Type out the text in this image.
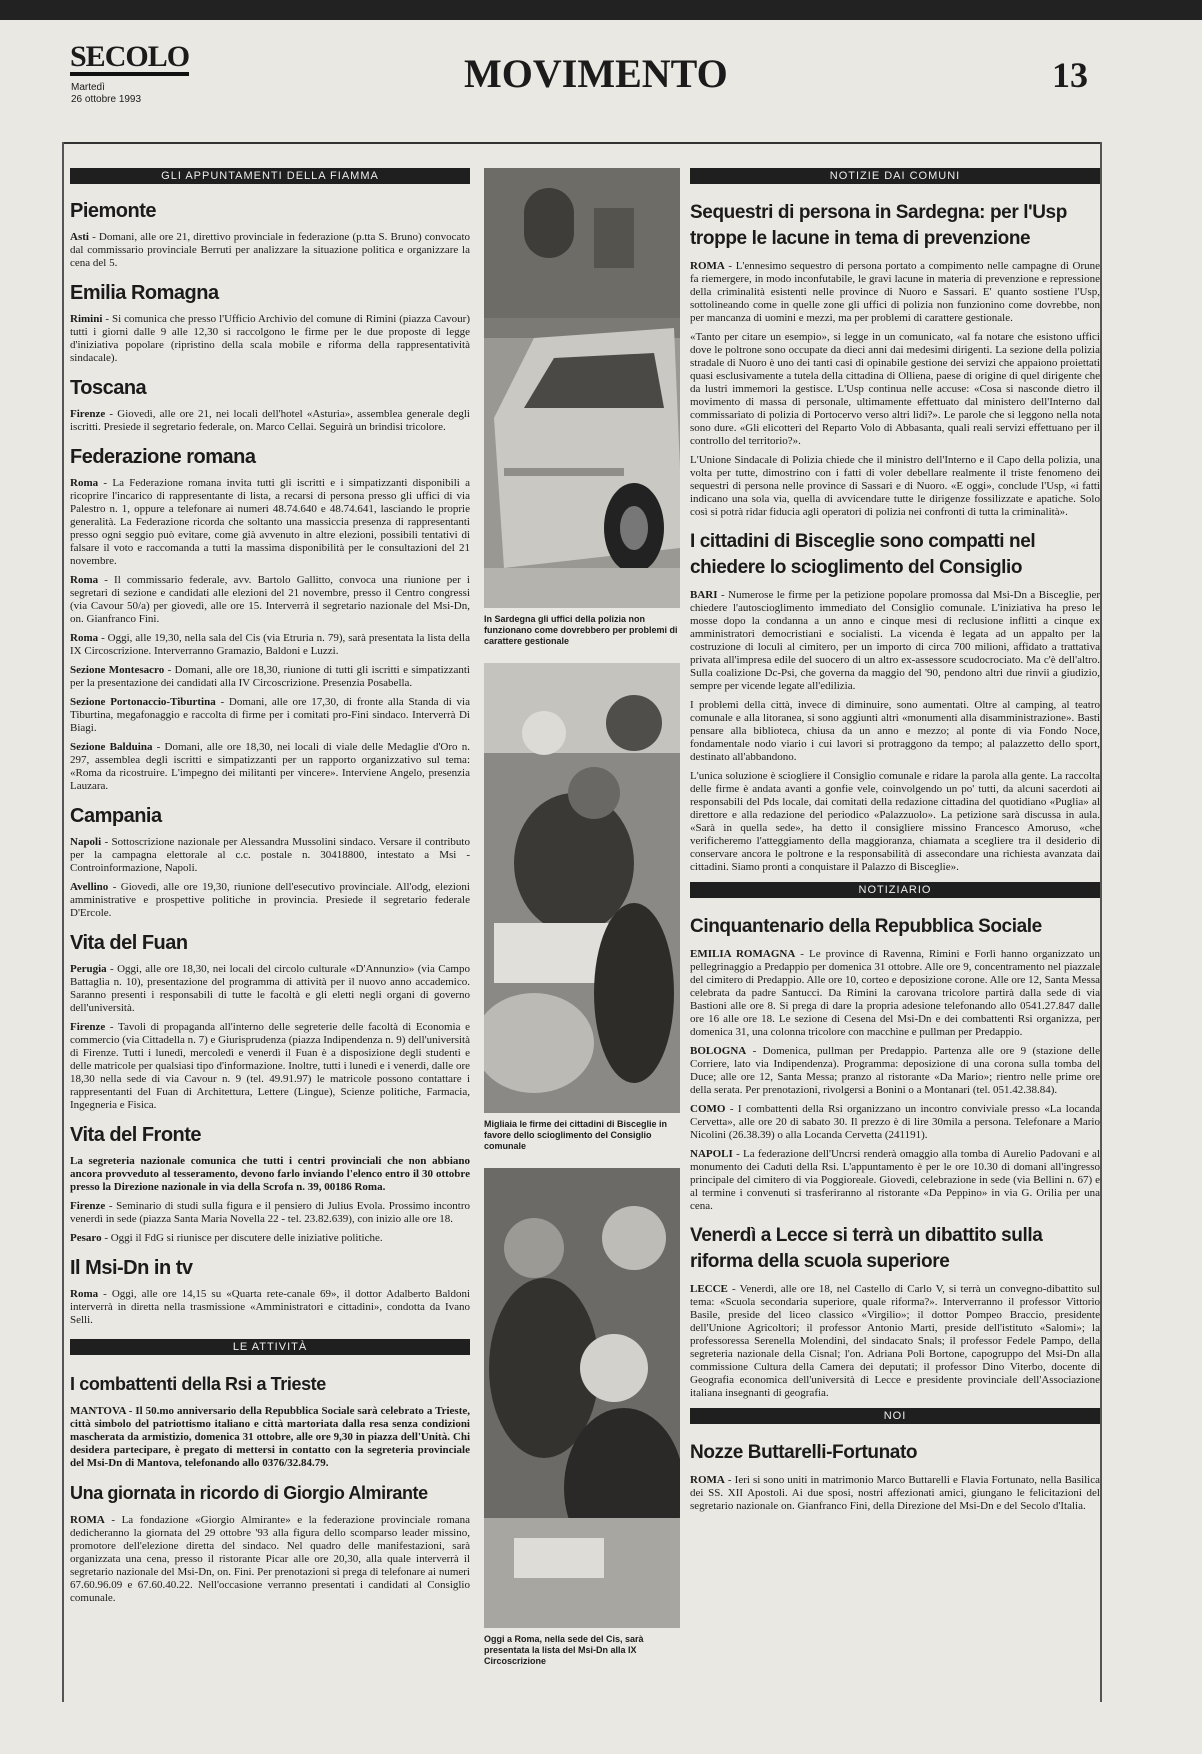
SECOLO
Martedì
26 ottobre 1993
MOVIMENTO	13
GLI APPUNTAMENTI DELLA FIAMMA
Piemonte

Asti - Domani, alle ore 21, direttivo provinciale in federazione (p.tta S. Bruno) convocato dal commissario provinciale Berruti per analizzare la situazione politica e organizzare la cena del 5.

Emilia Romagna

Rimini - Si comunica che presso l'Ufficio Archivio del comune di Rimini (piazza Cavour) tutti i giorni dalle 9 alle 12,30 si raccolgono le firme per le due proposte di legge d'iniziativa popolare (ripristino della scala mobile e riforma della rappresentatività sindacale).

Toscana

Firenze - Giovedì, alle ore 21, nei locali dell'hotel «Asturia», assemblea generale degli iscritti. Presiede il segretario federale, on. Marco Cellai. Seguirà un brindisi tricolore.

Federazione romana

Roma - La Federazione romana invita tutti gli iscritti e i simpatizzanti disponibili a ricoprire l'incarico di rappresentante di lista, a recarsi di persona presso gli uffici di via Palestro n. 1, oppure a telefonare ai numeri 48.74.640 e 48.74.641, lasciando le proprie generalità. La Federazione ricorda che soltanto una massiccia presenza di rappresentanti presso ogni seggio può evitare, come già avvenuto in altre elezioni, possibili tentativi di falsare il voto e raccomanda a tutti la massima disponibilità per le consultazioni del 21 novembre.

Roma - Il commissario federale, avv. Bartolo Gallitto, convoca una riunione per i segretari di sezione e candidati alle elezioni del 21 novembre, presso il Centro congressi (via Cavour 50/a) per giovedì, alle ore 15. Interverrà il segretario nazionale del Msi-Dn, on. Gianfranco Fini.

Roma - Oggi, alle 19,30, nella sala del Cis (via Etruria n. 79), sarà presentata la lista della IX Circoscrizione. Interverranno Gramazio, Baldoni e Luzzi.

Sezione Montesacro - Domani, alle ore 18,30, riunione di tutti gli iscritti e simpatizzanti per la presentazione dei candidati alla IV Circoscrizione. Presenzia Posabella.

Sezione Portonaccio-Tiburtina - Domani, alle ore 17,30, di fronte alla Standa di via Tiburtina, megafonaggio e raccolta di firme per i comitati pro-Fini sindaco. Interverrà Di Biagi.

Sezione Balduina - Domani, alle ore 18,30, nei locali di viale delle Medaglie d'Oro n. 297, assemblea degli iscritti e simpatizzanti per un rapporto organizzativo sul tema: «Roma da ricostruire. L'impegno dei militanti per vincere». Interviene Angelo, presenzia Lauzara.

Campania

Napoli - Sottoscrizione nazionale per Alessandra Mussolini sindaco. Versare il contributo per la campagna elettorale al c.c. postale n. 30418800, intestato a Msi - Controinformazione, Napoli.

Avellino - Giovedì, alle ore 19,30, riunione dell'esecutivo provinciale. All'odg, elezioni amministrative e prospettive politiche in provincia. Presiede il segretario federale D'Ercole.

Vita del Fuan

Perugia - Oggi, alle ore 18,30, nei locali del circolo culturale «D'Annunzio» (via Campo Battaglia n. 10), presentazione del programma di attività per il nuovo anno accademico. Saranno presenti i responsabili di tutte le facoltà e gli eletti negli organi di governo dell'università.

Firenze - Tavoli di propaganda all'interno delle segreterie delle facoltà di Economia e commercio (via Cittadella n. 7) e Giurisprudenza (piazza Indipendenza n. 9) dell'università di Firenze. Tutti i lunedì, mercoledì e venerdì il Fuan è a disposizione degli studenti e delle matricole per qualsiasi tipo d'informazione. Inoltre, tutti i lunedì e i venerdì, dalle ore 18,30 nella sede di via Cavour n. 9 (tel. 49.91.97) le matricole possono contattare i rappresentanti del Fuan di Architettura, Lettere (Lingue), Scienze politiche, Farmacia, Ingegneria e Fisica.

Vita del Fronte

La segreteria nazionale comunica che tutti i centri provinciali che non abbiano ancora provveduto al tesseramento, devono farlo inviando l'elenco entro il 30 ottobre presso la Direzione nazionale in via della Scrofa n. 39, 00186 Roma.

Firenze - Seminario di studi sulla figura e il pensiero di Julius Evola. Prossimo incontro venerdì in sede (piazza Santa Maria Novella 22 - tel. 23.82.639), con inizio alle ore 18.

Pesaro - Oggi il FdG si riunisce per discutere delle iniziative politiche.

Il Msi-Dn in tv

Roma - Oggi, alle ore 14,15 su «Quarta rete-canale 69», il dottor Adalberto Baldoni interverrà in diretta nella trasmissione «Amministratori e cittadini», condotta da Ivano Selli.

LE ATTIVITÀ
I combattenti della Rsi a Trieste

MANTOVA - Il 50.mo anniversario della Repubblica Sociale sarà celebrato a Trieste, città simbolo del patriottismo italiano e città martoriata dalla resa senza condizioni mascherata da armistizio, domenica 31 ottobre, alle ore 9,30 in piazza dell'Unità. Chi desidera partecipare, è pregato di mettersi in contatto con la segreteria provinciale del Msi-Dn di Mantova, telefonando allo 0376/32.84.79.

Una giornata in ricordo di Giorgio Almirante

ROMA - La fondazione «Giorgio Almirante» e la federazione provinciale romana dedicheranno la giornata del 29 ottobre '93 alla figura dello scomparso leader missino, promotore dell'elezione diretta del sindaco. Nel quadro delle manifestazioni, sarà organizzata una cena, presso il ristorante Picar alle ore 20,30, alla quale interverrà il segretario nazionale del Msi-Dn, on. Fini. Per prenotazioni si prega di telefonare ai numeri 67.60.96.09 e 67.60.40.22. Nell'occasione verranno presentati i candidati al Consiglio comunale.

In Sardegna gli uffici della polizia non funzionano come dovrebbero per problemi di carattere gestionale
Migliaia le firme dei cittadini di Bisceglie in favore dello scioglimento del Consiglio comunale
Oggi a Roma, nella sede del Cis, sarà presentata la lista del Msi-Dn alla IX Circoscrizione
NOTIZIE DAI COMUNI
Sequestri di persona in Sardegna: per l'Usp troppe le lacune in tema di prevenzione

ROMA - L'ennesimo sequestro di persona portato a compimento nelle campagne di Orune fa riemergere, in modo inconfutabile, le gravi lacune in materia di prevenzione e repressione della criminalità esistenti nelle province di Nuoro e Sassari. E' quanto sostiene l'Usp, sottolineando come in quelle zone gli uffici di polizia non funzionino come dovrebbe, non per mancanza di uomini e mezzi, ma per problemi di carattere gestionale.

«Tanto per citare un esempio», si legge in un comunicato, «al fa notare che esistono uffici dove le poltrone sono occupate da dieci anni dai medesimi dirigenti. La sezione della polizia stradale di Nuoro è uno dei tanti casi di opinabile gestione dei servizi che appaiono proiettati quasi esclusivamente a tutela della cittadina di Olliena, paese di origine di quel dirigente che da lustri immemori la gestisce. L'Usp continua nelle accuse: «Cosa si nasconde dietro il movimento di massa di personale, ultimamente effettuato dal ministero dell'Interno dal commissariato di polizia di Portocervo verso altri lidi?». Le parole che si leggono nella nota sono dure. «Gli elicotteri del Reparto Volo di Abbasanta, quali reali servizi effettuano per il controllo del territorio?».

L'Unione Sindacale di Polizia chiede che il ministro dell'Interno e il Capo della polizia, una volta per tutte, dimostrino con i fatti di voler debellare realmente il triste fenomeno dei sequestri di persona nelle province di Sassari e di Nuoro. «E oggi», conclude l'Usp, «i fatti indicano una sola via, quella di avvicendare tutte le dirigenze fossilizzate e apatiche. Solo così si potrà ridar fiducia agli operatori di polizia nei confronti di tutta la criminalità».

I cittadini di Bisceglie sono compatti nel chiedere lo scioglimento del Consiglio

BARI - Numerose le firme per la petizione popolare promossa dal Msi-Dn a Bisceglie, per chiedere l'autoscioglimento immediato del Consiglio comunale. L'iniziativa ha preso le mosse dopo la condanna a un anno e cinque mesi di reclusione inflitti a cinque ex amministratori democristiani e socialisti. La vicenda è legata ad un appalto per la costruzione di loculi al cimitero, per un importo di circa 700 milioni, affidato a trattativa privata all'impresa edile del suocero di un altro ex-assessore scudocrociato. Ma c'è dell'altro. Sulla coalizione Dc-Psi, che governa da maggio del '90, pendono altri due rinvii a giudizio, sempre per vicende legate all'edilizia.

I problemi della città, invece di diminuire, sono aumentati. Oltre al camping, al teatro comunale e alla litoranea, si sono aggiunti altri «monumenti alla disamministrazione». Basti pensare alla biblioteca, chiusa da un anno e mezzo; al ponte di via Fondo Noce, fondamentale nodo viario i cui lavori si protraggono da tempo; al palazzetto dello sport, destinato all'abbandono.

L'unica soluzione è sciogliere il Consiglio comunale e ridare la parola alla gente. La raccolta delle firme è andata avanti a gonfie vele, coinvolgendo un po' tutti, da alcuni sacerdoti ai responsabili del Pds locale, dai comitati della redazione cittadina del quotidiano «Puglia» al direttore e alla redazione del periodico «Palazzuolo». La petizione sarà discussa in aula. «Sarà in quella sede», ha detto il consigliere missino Francesco Amoruso, «che verificheremo l'atteggiamento della maggioranza, chiamata a scegliere tra il desiderio di conservare ancora le poltrone e la responsabilità di assecondare una richiesta avanzata dai cittadini. Siamo pronti a conquistare il Palazzo di Bisceglie».

NOTIZIARIO
Cinquantenario della Repubblica Sociale

EMILIA ROMAGNA - Le province di Ravenna, Rimini e Forlì hanno organizzato un pellegrinaggio a Predappio per domenica 31 ottobre. Alle ore 9, concentramento nel piazzale del cimitero di Predappio. Alle ore 10, corteo e deposizione corone. Alle ore 12, Santa Messa celebrata da padre Santucci. Da Rimini la carovana tricolore partirà dalla sede di via Bastioni alle ore 8. Si prega di dare la propria adesione telefonando allo 0541.27.847 dalle ore 16 alle ore 18. Le sezione di Cesena del Msi-Dn e dei combattenti Rsi organizza, per domenica 31, una colonna tricolore con macchine e pullman per Predappio.

BOLOGNA - Domenica, pullman per Predappio. Partenza alle ore 9 (stazione delle Corriere, lato via Indipendenza). Programma: deposizione di una corona sulla tomba del Duce; alle ore 12, Santa Messa; pranzo al ristorante «Da Mario»; rientro nelle prime ore della serata. Per prenotazioni, rivolgersi a Bonini o a Montanari (tel. 051.42.38.84).

COMO - I combattenti della Rsi organizzano un incontro conviviale presso «La locanda Cervetta», alle ore 20 di sabato 30. Il prezzo è di lire 30mila a persona. Telefonare a Mario Nicolini (26.38.39) o alla Locanda Cervetta (241191).

NAPOLI - La federazione dell'Uncrsi renderà omaggio alla tomba di Aurelio Padovani e al monumento dei Caduti della Rsi. L'appuntamento è per le ore 10.30 di domani all'ingresso principale del cimitero di via Poggioreale. Giovedì, celebrazione in sede (via Bellini n. 67) e al termine i convenuti si trasferiranno al ristorante «Da Peppino» in via G. Orilia per una cena.

Venerdì a Lecce si terrà un dibattito sulla riforma della scuola superiore

LECCE - Venerdì, alle ore 18, nel Castello di Carlo V, si terrà un convegno-dibattito sul tema: «Scuola secondaria superiore, quale riforma?». Interverranno il professor Vittorio Basile, preside del liceo classico «Virgilio»; il dottor Pompeo Braccio, presidente dell'Unione Agricoltori; il professor Antonio Marti, preside dell'istituto «Salomi»; la professoressa Serenella Molendini, del sindacato Snals; il professor Fedele Pampo, della segreteria nazionale della Cisnal; l'on. Adriana Poli Bortone, capogruppo del Msi-Dn alla commissione Cultura della Camera dei deputati; il professor Dino Viterbo, docente di Geografia economica dell'università di Lecce e presidente provinciale dell'Associazione italiana insegnanti di geografia.

NOI
Nozze Buttarelli-Fortunato

ROMA - Ieri si sono uniti in matrimonio Marco Buttarelli e Flavia Fortunato, nella Basilica dei SS. XII Apostoli. Ai due sposi, nostri affezionati amici, giungano le felicitazioni del segretario nazionale on. Gianfranco Fini, della Direzione del Msi-Dn e del Secolo d'Italia.
